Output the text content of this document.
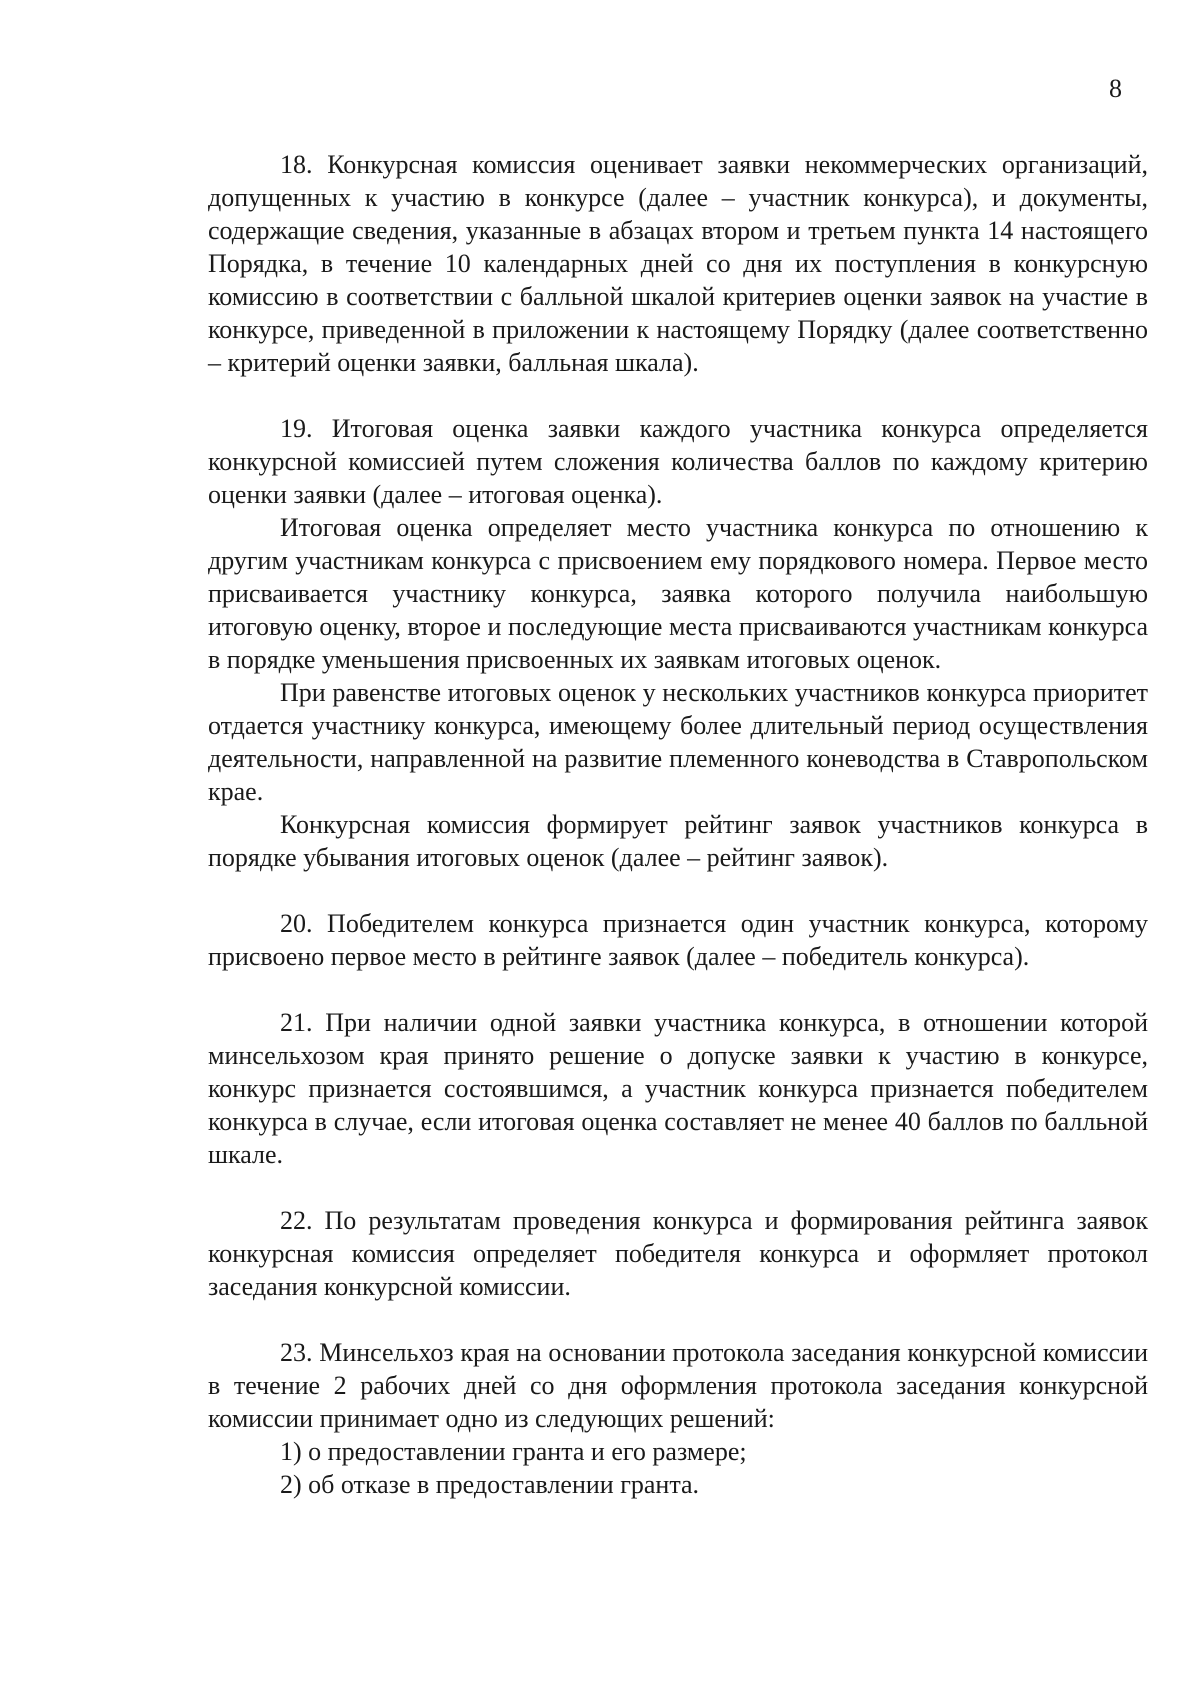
8

18. Конкурсная комиссия оценивает заявки некоммерческих организаций, допущенных к участию в конкурсе (далее – участник конкурса), и документы, содержащие сведения, указанные в абзацах втором и третьем пункта 14 настоящего Порядка, в течение 10 календарных дней со дня их поступления в конкурсную комиссию в соответствии с балльной шкалой критериев оценки заявок на участие в конкурсе, приведенной в приложении к настоящему Порядку (далее соответственно – критерий оценки заявки, балльная шкала).

19. Итоговая оценка заявки каждого участника конкурса определяется конкурсной комиссией путем сложения количества баллов по каждому критерию оценки заявки (далее – итоговая оценка).

Итоговая оценка определяет место участника конкурса по отношению к другим участникам конкурса с присвоением ему порядкового номера. Первое место присваивается участнику конкурса, заявка которого получила наибольшую итоговую оценку, второе и последующие места присваиваются участникам конкурса в порядке уменьшения присвоенных их заявкам итоговых оценок.

При равенстве итоговых оценок у нескольких участников конкурса приоритет отдается участнику конкурса, имеющему более длительный период осуществления деятельности, направленной на развитие племенного коневодства в Ставропольском крае.

Конкурсная комиссия формирует рейтинг заявок участников конкурса в порядке убывания итоговых оценок (далее – рейтинг заявок).

20. Победителем конкурса признается один участник конкурса, которому присвоено первое место в рейтинге заявок (далее – победитель конкурса).

21. При наличии одной заявки участника конкурса, в отношении которой минсельхозом края принято решение о допуске заявки к участию в конкурсе, конкурс признается состоявшимся, а участник конкурса признается победителем конкурса в случае, если итоговая оценка составляет не менее 40 баллов по балльной шкале.

22. По результатам проведения конкурса и формирования рейтинга заявок конкурсная комиссия определяет победителя конкурса и оформляет протокол заседания конкурсной комиссии.

23. Минсельхоз края на основании протокола заседания конкурсной комиссии в течение 2 рабочих дней со дня оформления протокола заседания конкурсной комиссии принимает одно из следующих решений:

1) о предоставлении гранта и его размере;

2) об отказе в предоставлении гранта.
